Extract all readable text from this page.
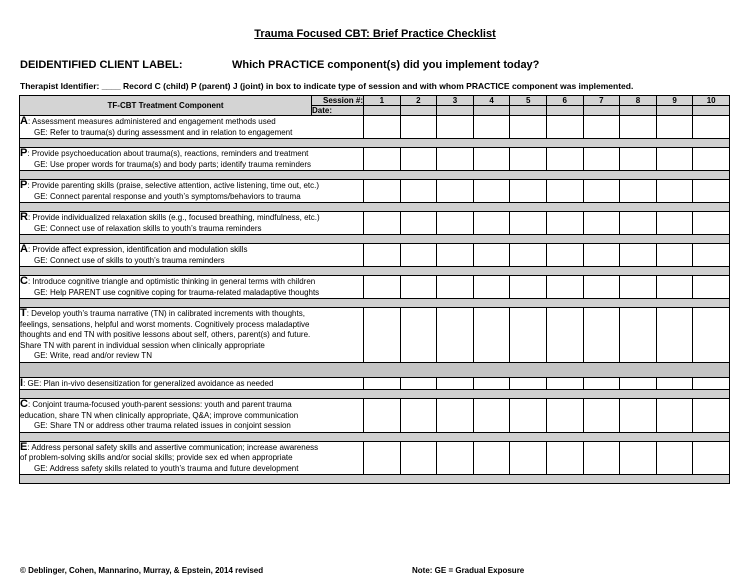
Trauma Focused CBT: Brief Practice Checklist
DEIDENTIFIED CLIENT LABEL:	Which PRACTICE component(s) did you implement today?
Therapist Identifier: ____ Record C (child) P (parent) J (joint) in box to indicate type of session and with whom PRACTICE component was implemented.
TF-CBT Treatment Component	Session #:	1	2	3	4	5	6	7	8	9	10
	Date:										
A: Assessment measures administered and engagement methods used
GE: Refer to trauma(s) during assessment and in relation to engagement											

P: Provide psychoeducation about trauma(s), reactions, reminders and treatment
GE: Use proper words for trauma(s) and body parts; identify trauma reminders											

P: Provide parenting skills (praise, selective attention, active listening, time out, etc.)
GE: Connect parental response and youth’s symptoms/behaviors to trauma											

R: Provide individualized relaxation skills (e.g., focused breathing, mindfulness, etc.)
GE: Connect use of relaxation skills to youth’s trauma reminders											

A: Provide affect expression, identification and modulation skills
GE: Connect use of skills to youth’s trauma reminders											

C: Introduce cognitive triangle and optimistic thinking in general terms with children
GE: Help PARENT use cognitive coping for trauma-related maladaptive thoughts											

T: Develop youth’s trauma narrative (TN) in calibrated increments with thoughts,
feelings, sensations, helpful and worst moments. Cognitively process maladaptive
thoughts and end TN with positive lessons about self, others, parent(s) and future.
Share TN with parent in individual session when clinically appropriate
GE: Write, read and/or review TN											

I: GE: Plan in-vivo desensitization for generalized avoidance as needed											

C: Conjoint trauma-focused youth-parent sessions: youth and parent trauma
education, share TN when clinically appropriate, Q&A; improve communication
GE: Share TN or address other trauma related issues in conjoint session											

E: Address personal safety skills and assertive communication; increase awareness
of problem-solving skills and/or social skills; provide sex ed when appropriate
GE: Address safety skills related to youth’s trauma and future development											

© Deblinger, Cohen, Mannarino, Murray, & Epstein, 2014 revised	Note: GE = Gradual Exposure
